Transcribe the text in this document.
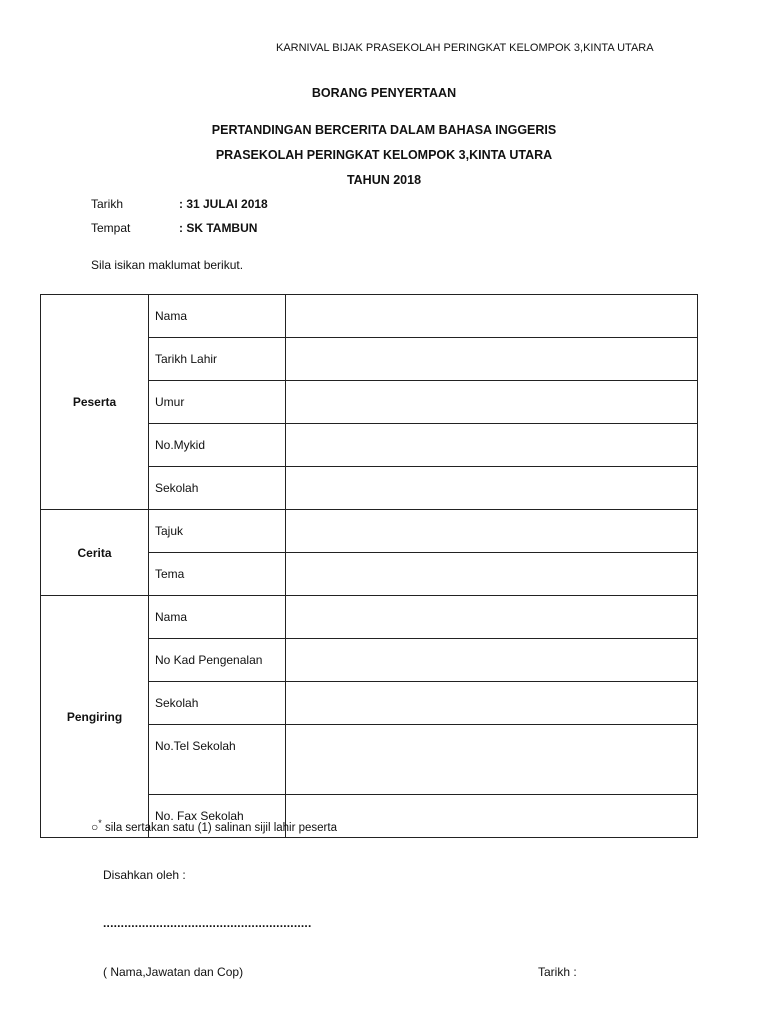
KARNIVAL BIJAK PRASEKOLAH PERINGKAT KELOMPOK 3,KINTA UTARA
BORANG PENYERTAAN
PERTANDINGAN BERCERITA DALAM BAHASA INGGERIS
PRASEKOLAH PERINGKAT KELOMPOK 3,KINTA UTARA
TAHUN 2018
Tarikh	: 31 JULAI 2018
Tempat	: SK TAMBUN
Sila isikan maklumat berikut.
Peserta	Nama	
	Tarikh Lahir	
	Umur	
	No.Mykid	
	Sekolah	
Cerita	Tajuk	
	Tema	
Pengiring	Nama	
	No Kad Pengenalan	
	Sekolah	
	No.Tel Sekolah	
	No. Fax Sekolah	
○* sila sertakan satu (1) salinan sijil lahir peserta
Disahkan oleh :
...........................................................
( Nama,Jawatan dan Cop)	Tarikh :
